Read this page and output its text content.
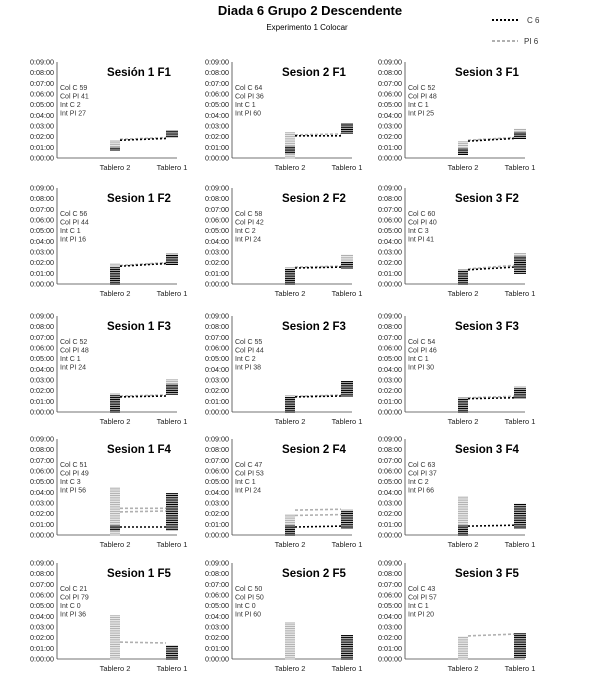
Diada 6 Grupo 2 Descendente
Experimento 1 Colocar
C 6
PI 6
0:00:00
0:01:00
0:02:00
0:03:00
0:04:00
0:05:00
0:06:00
0:07:00
0:08:00
0:09:00
Tablero 2	Tablero 1
Sesión 1 F1
Col C 59
Col PI 41
Int C 2
Int PI 27
0:00:00
0:01:00
0:02:00
0:03:00
0:04:00
0:05:00
0:06:00
0:07:00
0:08:00
0:09:00
Tablero 2	Tablero 1
Sesion 2 F1
Col C 64
Col PI 36
Int C 1
Int PI 60
0:00:00
0:01:00
0:02:00
0:03:00
0:04:00
0:05:00
0:06:00
0:07:00
0:08:00
0:09:00
Tablero 2	Tablero 1
Sesion 3 F1
Col C 52
Col PI 48
Int C 1
Int PI 25
0:00:00
0:01:00
0:02:00
0:03:00
0:04:00
0:05:00
0:06:00
0:07:00
0:08:00
0:09:00
Tablero 2	Tablero 1
Sesion 1 F2
Col C 56
Col PI 44
Int C 1
Int PI 16
0:00:00
0:01:00
0:02:00
0:03:00
0:04:00
0:05:00
0:06:00
0:07:00
0:08:00
0:09:00
Tablero 2	Tablero 1
Sesion 2 F2
Col C 58
Col PI 42
Int C 2
Int PI 24
0:00:00
0:01:00
0:02:00
0:03:00
0:04:00
0:05:00
0:06:00
0:07:00
0:08:00
0:09:00
Tablero 2	Tablero 1
Sesion 3 F2
Col C 60
Col PI 40
Int C 3
Int PI 41
0:00:00
0:01:00
0:02:00
0:03:00
0:04:00
0:05:00
0:06:00
0:07:00
0:08:00
0:09:00
Tablero 2	Tablero 1
Sesion 1 F3
Col C 52
Col PI 48
Int C 1
Int PI 24
0:00:00
0:01:00
0:02:00
0:03:00
0:04:00
0:05:00
0:06:00
0:07:00
0:08:00
0:09:00
Tablero 2	Tablero 1
Sesion 2 F3
Col C 55
Col PI 44
Int C 2
Int PI 38
0:00:00
0:01:00
0:02:00
0:03:00
0:04:00
0:05:00
0:06:00
0:07:00
0:08:00
0:09:00
Tablero 2	Tablero 1
Sesion 3 F3
Col C 54
Col PI 46
Int C 1
Int PI 30
0:00:00
0:01:00
0:02:00
0:03:00
0:04:00
0:05:00
0:06:00
0:07:00
0:08:00
0:09:00
Tablero 2	Tablero 1
Sesion 1 F4
Col C 51
Col PI 49
Int C 3
Int PI 56
0:00:00
0:01:00
0:02:00
0:03:00
0:04:00
0:05:00
0:06:00
0:07:00
0:08:00
0:09:00
Tablero 2	Tablero 1
Sesion 2 F4
Col C 47
Col PI 53
Int C 1
Int PI 24
0:00:00
0:01:00
0:02:00
0:03:00
0:04:00
0:05:00
0:06:00
0:07:00
0:08:00
0:09:00
Tablero 2	Tablero 1
Sesion 3 F4
Col C 63
Col PI 37
Int C 2
Int PI 66
0:00:00
0:01:00
0:02:00
0:03:00
0:04:00
0:05:00
0:06:00
0:07:00
0:08:00
0:09:00
Tablero 2	Tablero 1
Sesion 1 F5
Col C 21
Col PI 79
Int C 0
Int PI 36
0:00:00
0:01:00
0:02:00
0:03:00
0:04:00
0:05:00
0:06:00
0:07:00
0:08:00
0:09:00
Tablero 2	Tablero 1
Sesion 2 F5
Col C 50
Col PI 50
Int C 0
Int PI 60
0:00:00
0:01:00
0:02:00
0:03:00
0:04:00
0:05:00
0:06:00
0:07:00
0:08:00
0:09:00
Tablero 2	Tablero 1
Sesion 3 F5
Col C 43
Col PI 57
Int C 1
Int PI 20
